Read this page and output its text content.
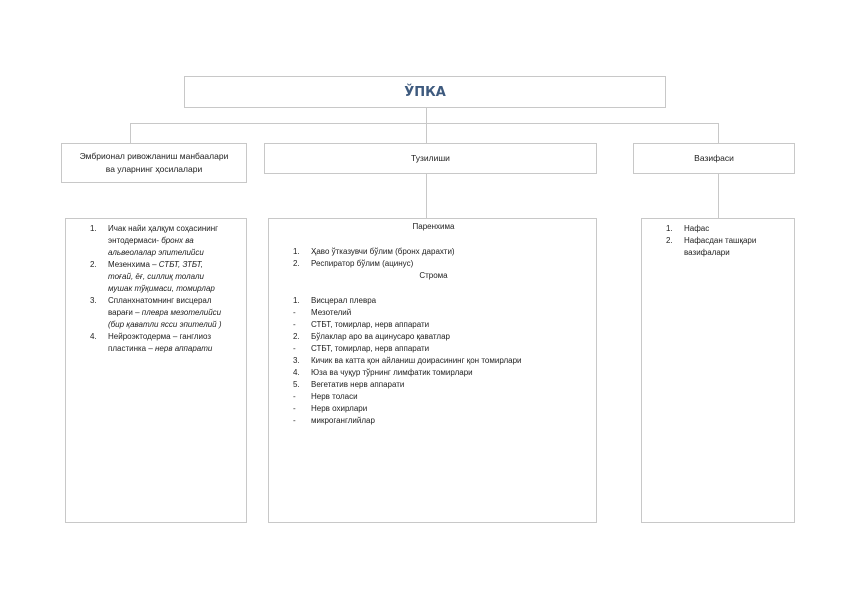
ЎПКА
Эмбрионал ривожланиш манбаалари ва уларнинг ҳосилалари
Тузилиши	Вазифаси
1.	Ичак найи ҳалқум соҳасининг
энтодермаси- бронх ва
альвеолалар эпителийси
2.	Мезенхима – СТБТ, ЗТБТ,
тоғай, ёғ, силлиқ толали
мушак тўқимаси, томирлар
3.	Спланхнатомнинг висцерал
варағи – плевра мезотелийси
(бир қаватли ясси эпителий )
4.	Нейроэктодерма – ганглиоз
пластинка – нерв аппарати
Паренхима
1.	Ҳаво ўтказувчи бўлим (бронх дарахти)
2.	Респиратор бўлим (ацинус)
Строма
1.	Висцерал плевра
-	Мезотелий
-	СТБТ, томирлар, нерв аппарати
2.	Бўлаклар аро ва ацинусаро қаватлар
-	СТБТ, томирлар, нерв аппарати
3.	Кичик ва катта қон айланиш доирасининг қон томирлари
4.	Юза ва чуқур тўрнинг лимфатик томирлари
5.	Вегетатив нерв аппарати
-	Нерв толаси
-	Нерв охирлари
-	микроганглийлар
1.	Нафас
2.	Нафасдан ташқари вазифалари
